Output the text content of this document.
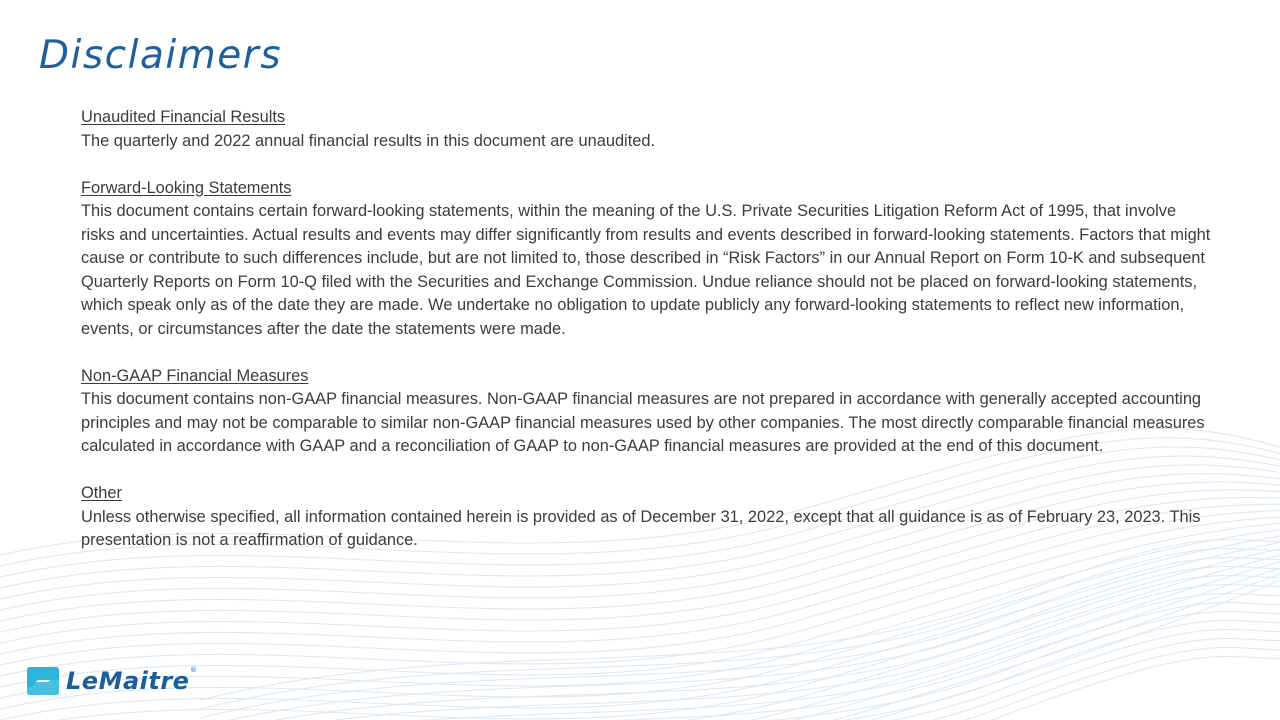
Disclaimers

Unaudited Financial Results

The quarterly and 2022 annual financial results in this document are unaudited.

Forward-Looking Statements

This document contains certain forward-looking statements, within the meaning of the U.S. Private Securities Litigation Reform Act of 1995, that involve risks and uncertainties. Actual results and events may differ significantly from results and events described in forward-looking statements. Factors that might cause or contribute to such differences include, but are not limited to, those described in “Risk Factors” in our Annual Report on Form 10-K and subsequent Quarterly Reports on Form 10-Q filed with the Securities and Exchange Commission. Undue reliance should not be placed on forward-looking statements, which speak only as of the date they are made. We undertake no obligation to update publicly any forward-looking statements to reflect new information, events, or circumstances after the date the statements were made.

Non-GAAP Financial Measures

This document contains non-GAAP financial measures. Non-GAAP financial measures are not prepared in accordance with generally accepted accounting principles and may not be comparable to similar non-GAAP financial measures used by other companies. The most directly comparable financial measures calculated in accordance with GAAP and a reconciliation of GAAP to non-GAAP financial measures are provided at the end of this document.

Other

Unless otherwise specified, all information contained herein is provided as of December 31, 2022, except that all guidance is as of February 23, 2023. This presentation is not a reaffirmation of guidance.

LeMaitre ®
